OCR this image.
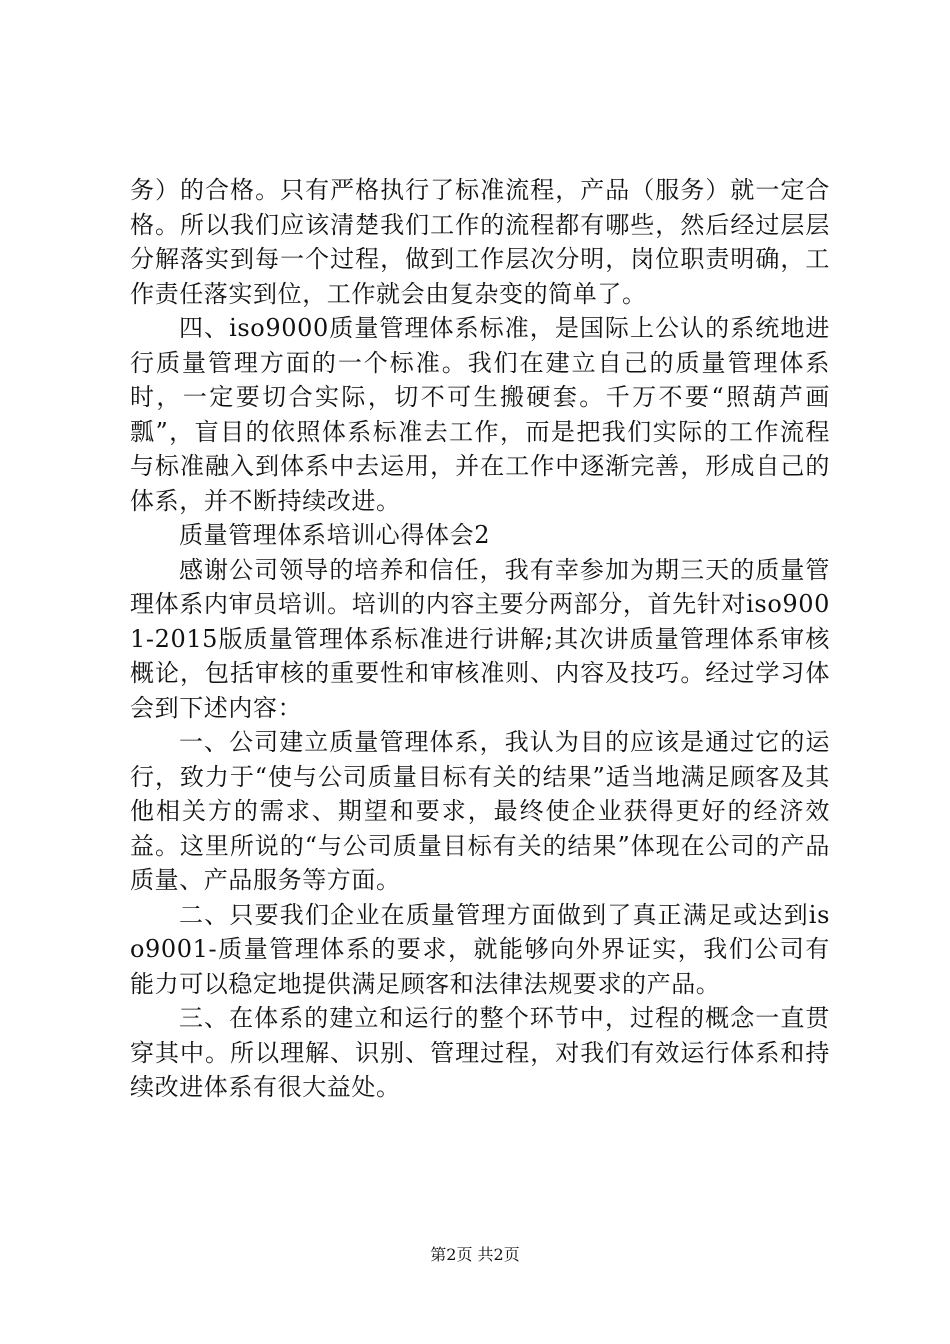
务）的合格。只有严格执行了标准流程，产品（服务）就一定合格。所以我们应该清楚我们工作的流程都有哪些，然后经过层层分解落实到每一个过程，做到工作层次分明，岗位职责明确，工作责任落实到位，工作就会由复杂变的简单了。

四、iso9000质量管理体系标准，是国际上公认的系统地进行质量管理方面的一个标准。我们在建立自己的质量管理体系时，一定要切合实际，切不可生搬硬套。千万不要“照葫芦画瓢”，盲目的依照体系标准去工作，而是把我们实际的工作流程与标准融入到体系中去运用，并在工作中逐渐完善，形成自己的体系，并不断持续改进。

质量管理体系培训心得体会2

感谢公司领导的培养和信任，我有幸参加为期三天的质量管理体系内审员培训。培训的内容主要分两部分，首先针对iso9001-2015版质量管理体系标准进行讲解;其次讲质量管理体系审核概论，包括审核的重要性和审核准则、内容及技巧。经过学习体会到下述内容：

一、公司建立质量管理体系，我认为目的应该是通过它的运行，致力于“使与公司质量目标有关的结果”适当地满足顾客及其他相关方的需求、期望和要求，最终使企业获得更好的经济效益。这里所说的“与公司质量目标有关的结果”体现在公司的产品质量、产品服务等方面。

二、只要我们企业在质量管理方面做到了真正满足或达到iso9001-质量管理体系的要求，就能够向外界证实，我们公司有能力可以稳定地提供满足顾客和法律法规要求的产品。

三、在体系的建立和运行的整个环节中，过程的概念一直贯穿其中。所以理解、识别、管理过程，对我们有效运行体系和持续改进体系有很大益处。

第2页 共2页
